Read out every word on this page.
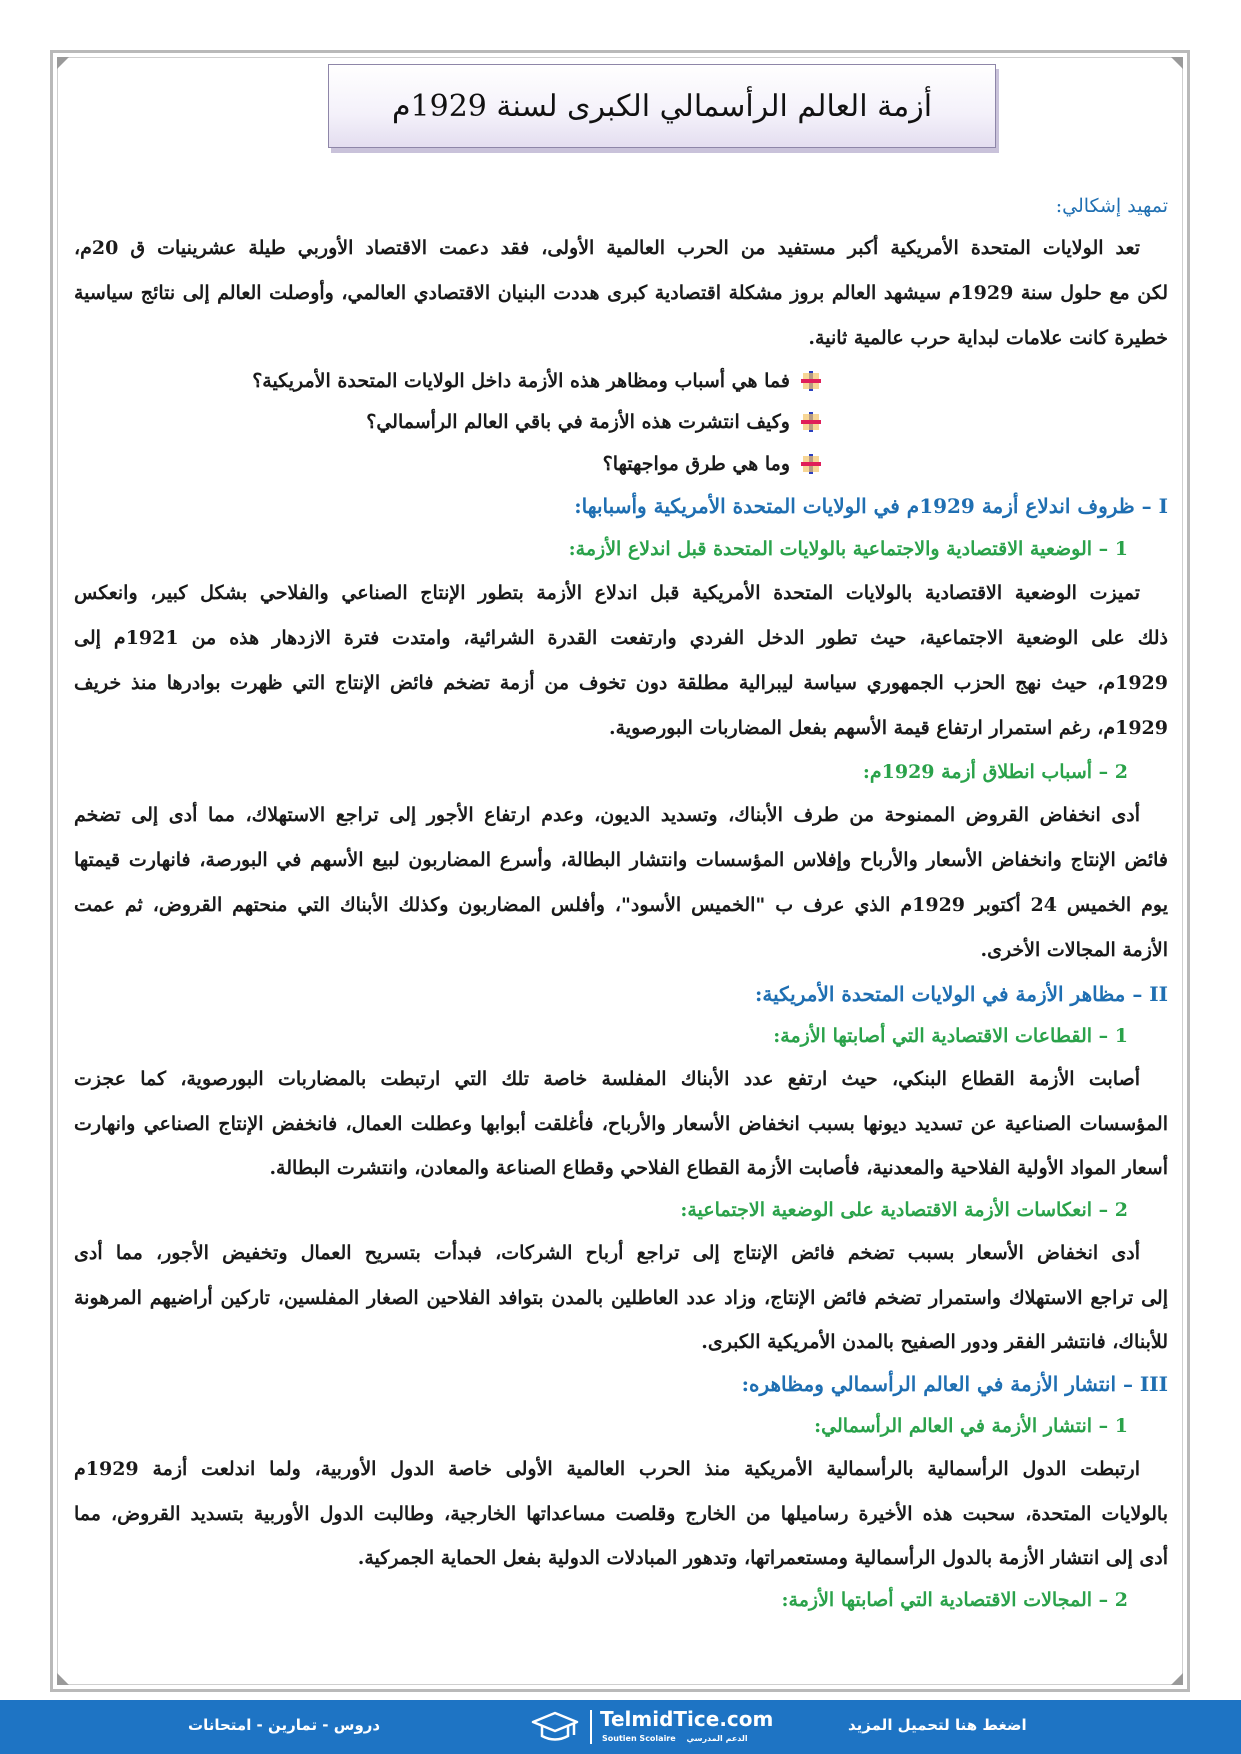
أزمة العالم الرأسمالي الكبرى لسنة 1929م
تمهيد إشكالي:
تعد الولايات المتحدة الأمريكية أكبر مستفيد من الحرب العالمية الأولى، فقد دعمت الاقتصاد الأوربي طيلة عشرينيات ق 20م،
لكن مع حلول سنة 1929م سيشهد العالم بروز مشكلة اقتصادية كبرى هددت البنيان الاقتصادي العالمي، وأوصلت العالم إلى نتائج سياسية
خطيرة كانت علامات لبداية حرب عالمية ثانية.
فما هي أسباب ومظاهر هذه الأزمة داخل الولايات المتحدة الأمريكية؟
وكيف انتشرت هذه الأزمة في باقي العالم الرأسمالي؟
وما هي طرق مواجهتها؟
I – ظروف اندلاع أزمة 1929م في الولايات المتحدة الأمريكية وأسبابها:
1 – الوضعية الاقتصادية والاجتماعية بالولايات المتحدة قبل اندلاع الأزمة:
تميزت الوضعية الاقتصادية بالولايات المتحدة الأمريكية قبل اندلاع الأزمة بتطور الإنتاج الصناعي والفلاحي بشكل كبير، وانعكس
ذلك على الوضعية الاجتماعية، حيث تطور الدخل الفردي وارتفعت القدرة الشرائية، وامتدت فترة الازدهار هذه من 1921م إلى
1929م، حيث نهج الحزب الجمهوري سياسة ليبرالية مطلقة دون تخوف من أزمة تضخم فائض الإنتاج التي ظهرت بوادرها منذ خريف
1929م، رغم استمرار ارتفاع قيمة الأسهم بفعل المضاربات البورصوية.
2 – أسباب انطلاق أزمة 1929م:
أدى انخفاض القروض الممنوحة من طرف الأبناك، وتسديد الديون، وعدم ارتفاع الأجور إلى تراجع الاستهلاك، مما أدى إلى تضخم
فائض الإنتاج وانخفاض الأسعار والأرباح وإفلاس المؤسسات وانتشار البطالة، وأسرع المضاربون لبيع الأسهم في البورصة، فانهارت قيمتها
يوم الخميس 24 أكتوبر 1929م الذي عرف ب "الخميس الأسود"، وأفلس المضاربون وكذلك الأبناك التي منحتهم القروض، ثم عمت
الأزمة المجالات الأخرى.
II – مظاهر الأزمة في الولايات المتحدة الأمريكية:
1 – القطاعات الاقتصادية التي أصابتها الأزمة:
أصابت الأزمة القطاع البنكي، حيث ارتفع عدد الأبناك المفلسة خاصة تلك التي ارتبطت بالمضاربات البورصوية، كما عجزت
المؤسسات الصناعية عن تسديد ديونها بسبب انخفاض الأسعار والأرباح، فأغلقت أبوابها وعطلت العمال، فانخفض الإنتاج الصناعي وانهارت
أسعار المواد الأولية الفلاحية والمعدنية، فأصابت الأزمة القطاع الفلاحي وقطاع الصناعة والمعادن، وانتشرت البطالة.
2 – انعكاسات الأزمة الاقتصادية على الوضعية الاجتماعية:
أدى انخفاض الأسعار بسبب تضخم فائض الإنتاج إلى تراجع أرباح الشركات، فبدأت بتسريح العمال وتخفيض الأجور، مما أدى
إلى تراجع الاستهلاك واستمرار تضخم فائض الإنتاج، وزاد عدد العاطلين بالمدن بتوافد الفلاحين الصغار المفلسين، تاركين أراضيهم المرهونة
للأبناك، فانتشر الفقر ودور الصفيح بالمدن الأمريكية الكبرى.
III – انتشار الأزمة في العالم الرأسمالي ومظاهره:
1 – انتشار الأزمة في العالم الرأسمالي:
ارتبطت الدول الرأسمالية بالرأسمالية الأمريكية منذ الحرب العالمية الأولى خاصة الدول الأوربية، ولما اندلعت أزمة 1929م
بالولايات المتحدة، سحبت هذه الأخيرة رساميلها من الخارج وقلصت مساعداتها الخارجية، وطالبت الدول الأوربية بتسديد القروض، مما
أدى إلى انتشار الأزمة بالدول الرأسمالية ومستعمراتها، وتدهور المبادلات الدولية بفعل الحماية الجمركية.
2 – المجالات الاقتصادية التي أصابتها الأزمة:
دروس - تمارين - امتحانات	TelmidTice.com
Soutien Scolaire الدعم المدرسي
اضغط هنا لتحميل المزيد
